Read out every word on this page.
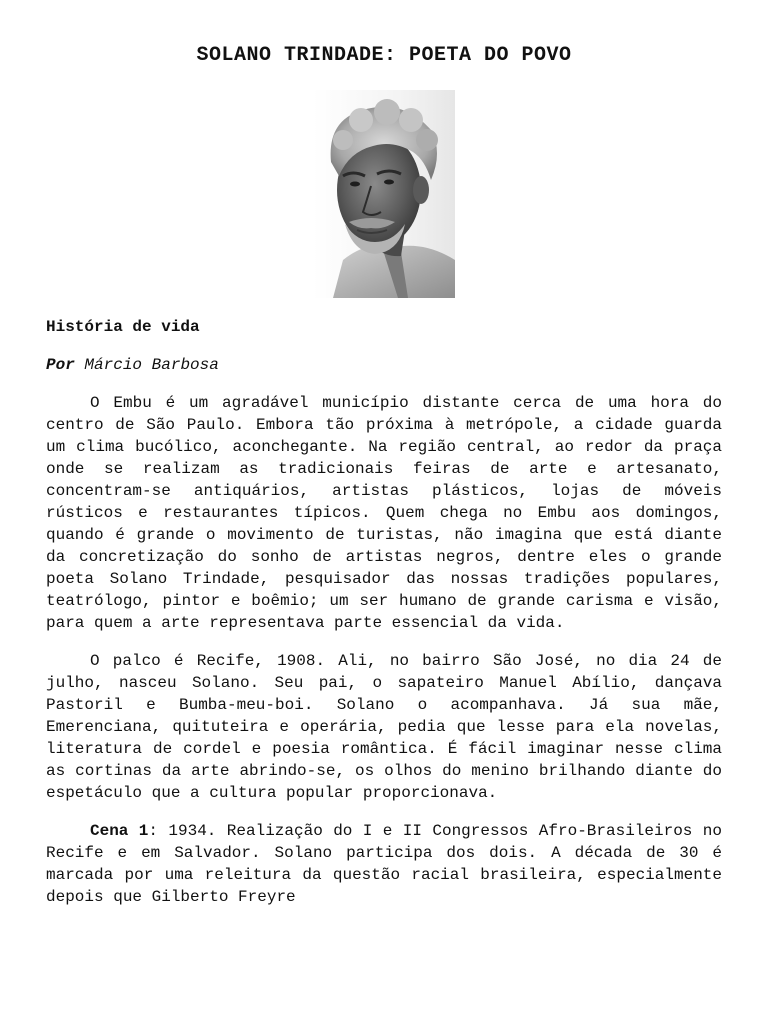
SOLANO TRINDADE: POETA DO POVO

História de vida

Por Márcio Barbosa

O Embu é um agradável município distante cerca de uma hora do centro de São Paulo. Embora tão próxima à metrópole, a cidade guarda um clima bucólico, aconchegante. Na região central, ao redor da praça onde se realizam as tradicionais feiras de arte e artesanato, concentram-se antiquários, artistas plásticos, lojas de móveis rústicos e restaurantes típicos. Quem chega no Embu aos domingos, quando é grande o movimento de turistas, não imagina que está diante da concretização do sonho de artistas negros, dentre eles o grande poeta Solano Trindade, pesquisador das nossas tradições populares, teatrólogo, pintor e boêmio; um ser humano de grande carisma e visão, para quem a arte representava parte essencial da vida.

O palco é Recife, 1908. Ali, no bairro São José, no dia 24 de julho, nasceu Solano. Seu pai, o sapateiro Manuel Abílio, dançava Pastoril e Bumba-meu-boi. Solano o acompanhava. Já sua mãe, Emerenciana, quituteira e operária, pedia que lesse para ela novelas, literatura de cordel e poesia romântica. É fácil imaginar nesse clima as cortinas da arte abrindo-se, os olhos do menino brilhando diante do espetáculo que a cultura popular proporcionava.

Cena 1: 1934. Realização do I e II Congressos Afro-Brasileiros no Recife e em Salvador. Solano participa dos dois. A década de 30 é marcada por uma releitura da questão racial brasileira, especialmente depois que Gilberto Freyre
